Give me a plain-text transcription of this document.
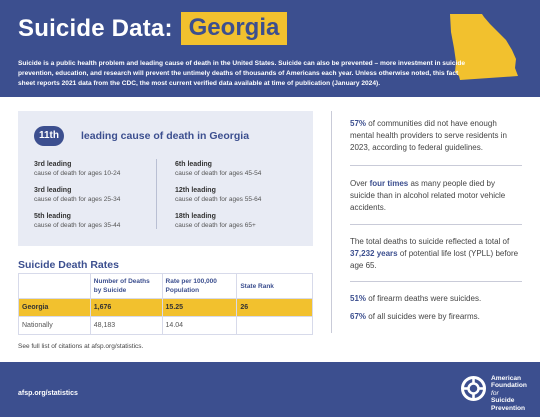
Suicide Data: Georgia
Suicide is a public health problem and leading cause of death in the United States. Suicide can also be prevented – more investment in suicide prevention, education, and research will prevent the untimely deaths of thousands of Americans each year. Unless otherwise noted, this fact sheet reports 2021 data from the CDC, the most current verified data available at time of publication (January 2024).
11th	leading cause of death in Georgia
3rd leading
cause of death for ages 10-24
3rd leading
cause of death for ages 25-34
5th leading
cause of death for ages 35-44
6th leading
cause of death for ages 45-54
12th leading
cause of death for ages 55-64
18th leading
cause of death for ages 65+
Suicide Death Rates
	Number of Deaths by Suicide	Rate per 100,000 Population	State Rank
Georgia	1,676	15.25	26
Nationally	48,183	14.04	
See full list of citations at afsp.org/statistics.
57% of communities did not have enough mental health providers to serve residents in 2023, according to federal guidelines.
Over four times as many people died by suicide than in alcohol related motor vehicle accidents.
The total deaths to suicide reflected a total of 37,232 years of potential life lost (YPLL) before age 65.
51% of firearm deaths were suicides.
67% of all suicides were by firearms.
afsp.org/statistics
American
Foundation
for
Suicide
Prevention
